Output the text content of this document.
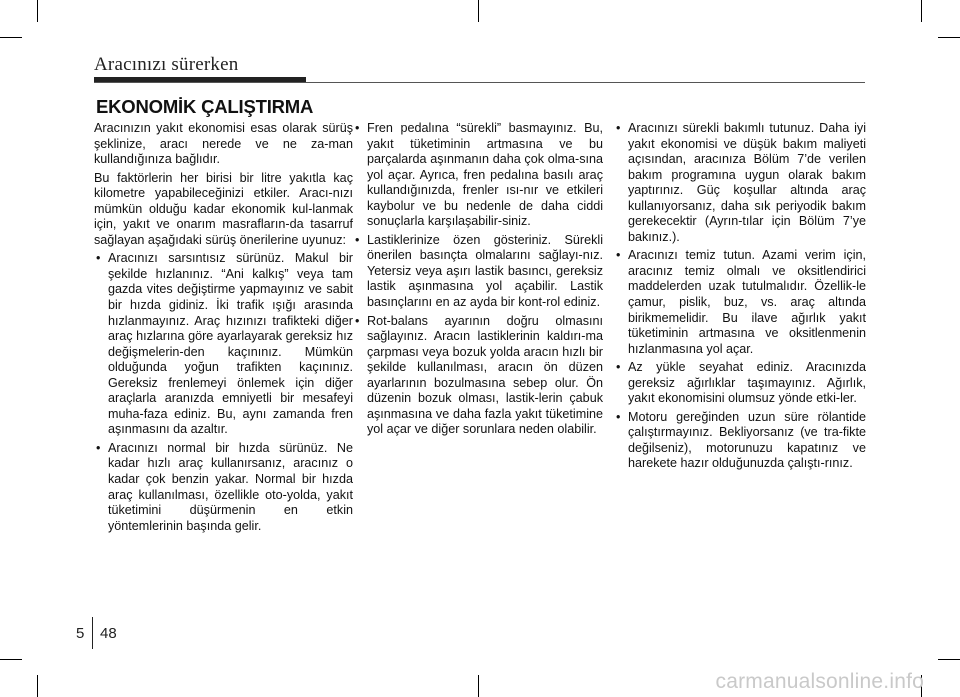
Aracınızı sürerken
EKONOMİK ÇALIŞTIRMA

Aracınızın yakıt ekonomisi esas olarak sürüş şeklinize, aracı nerede ve ne za-man kullandığınıza bağlıdır.

Bu faktörlerin her birisi bir litre yakıtla kaç kilometre yapabileceğinizi etkiler. Aracı-nızı mümkün olduğu kadar ekonomik kul-lanmak için, yakıt ve onarım masrafların-da tasarruf sağlayan aşağıdaki sürüş önerilerine uyunuz:

• Aracınızı sarsıntısız sürünüz. Makul bir şekilde hızlanınız. “Ani kalkış” veya tam gazda vites değiştirme yapmayınız ve sabit bir hızda gidiniz. İki trafik ışığı arasında hızlanmayınız. Araç hızınızı trafikteki diğer araç hızlarına göre ayarlayarak gereksiz hız değişmelerin-den kaçınınız. Mümkün olduğunda yoğun trafikten kaçınınız. Gereksiz frenlemeyi önlemek için diğer araçlarla aranızda emniyetli bir mesafeyi muha-faza ediniz. Bu, aynı zamanda fren aşınmasını da azaltır.
• Aracınızı normal bir hızda sürünüz. Ne kadar hızlı araç kullanırsanız, aracınız o kadar çok benzin yakar. Normal bir hızda araç kullanılması, özellikle oto-yolda, yakıt tüketimini düşürmenin en etkin yöntemlerinin başında gelir.
• Fren pedalına “sürekli” basmayınız. Bu, yakıt tüketiminin artmasına ve bu parçalarda aşınmanın daha çok olma-sına yol açar. Ayrıca, fren pedalına basılı araç kullandığınızda, frenler ısı-nır ve etkileri kaybolur ve bu nedenle de daha ciddi sonuçlarla karşılaşabilir-siniz.
• Lastiklerinize özen gösteriniz. Sürekli önerilen basınçta olmalarını sağlayı-nız. Yetersiz veya aşırı lastik basıncı, gereksiz lastik aşınmasına yol açabilir. Lastik basınçlarını en az ayda bir kont-rol ediniz.
• Rot-balans ayarının doğru olmasını sağlayınız. Aracın lastiklerinin kaldırı-ma çarpması veya bozuk yolda aracın hızlı bir şekilde kullanılması, aracın ön düzen ayarlarının bozulmasına sebep olur. Ön düzenin bozuk olması, lastik-lerin çabuk aşınmasına ve daha fazla yakıt tüketimine yol açar ve diğer sorunlara neden olabilir.
• Aracınızı sürekli bakımlı tutunuz. Daha iyi yakıt ekonomisi ve düşük bakım maliyeti açısından, aracınıza Bölüm 7’de verilen bakım programına uygun olarak bakım yaptırınız. Güç koşullar altında araç kullanıyorsanız, daha sık periyodik bakım gerekecektir (Ayrın-tılar için Bölüm 7’ye bakınız.).
• Aracınızı temiz tutun. Azami verim için, aracınız temiz olmalı ve oksitlendirici maddelerden uzak tutulmalıdır. Özellik-le çamur, pislik, buz, vs. araç altında birikmemelidir. Bu ilave ağırlık yakıt tüketiminin artmasına ve oksitlenmenin hızlanmasına yol açar.
• Az yükle seyahat ediniz. Aracınızda gereksiz ağırlıklar taşımayınız. Ağırlık, yakıt ekonomisini olumsuz yönde etki-ler.
• Motoru gereğinden uzun süre rölantide çalıştırmayınız. Bekliyorsanız (ve tra-fikte değilseniz), motorunuzu kapatınız ve harekete hazır olduğunuzda çalıştı-rınız.
5 48
carmanualsonline.info
